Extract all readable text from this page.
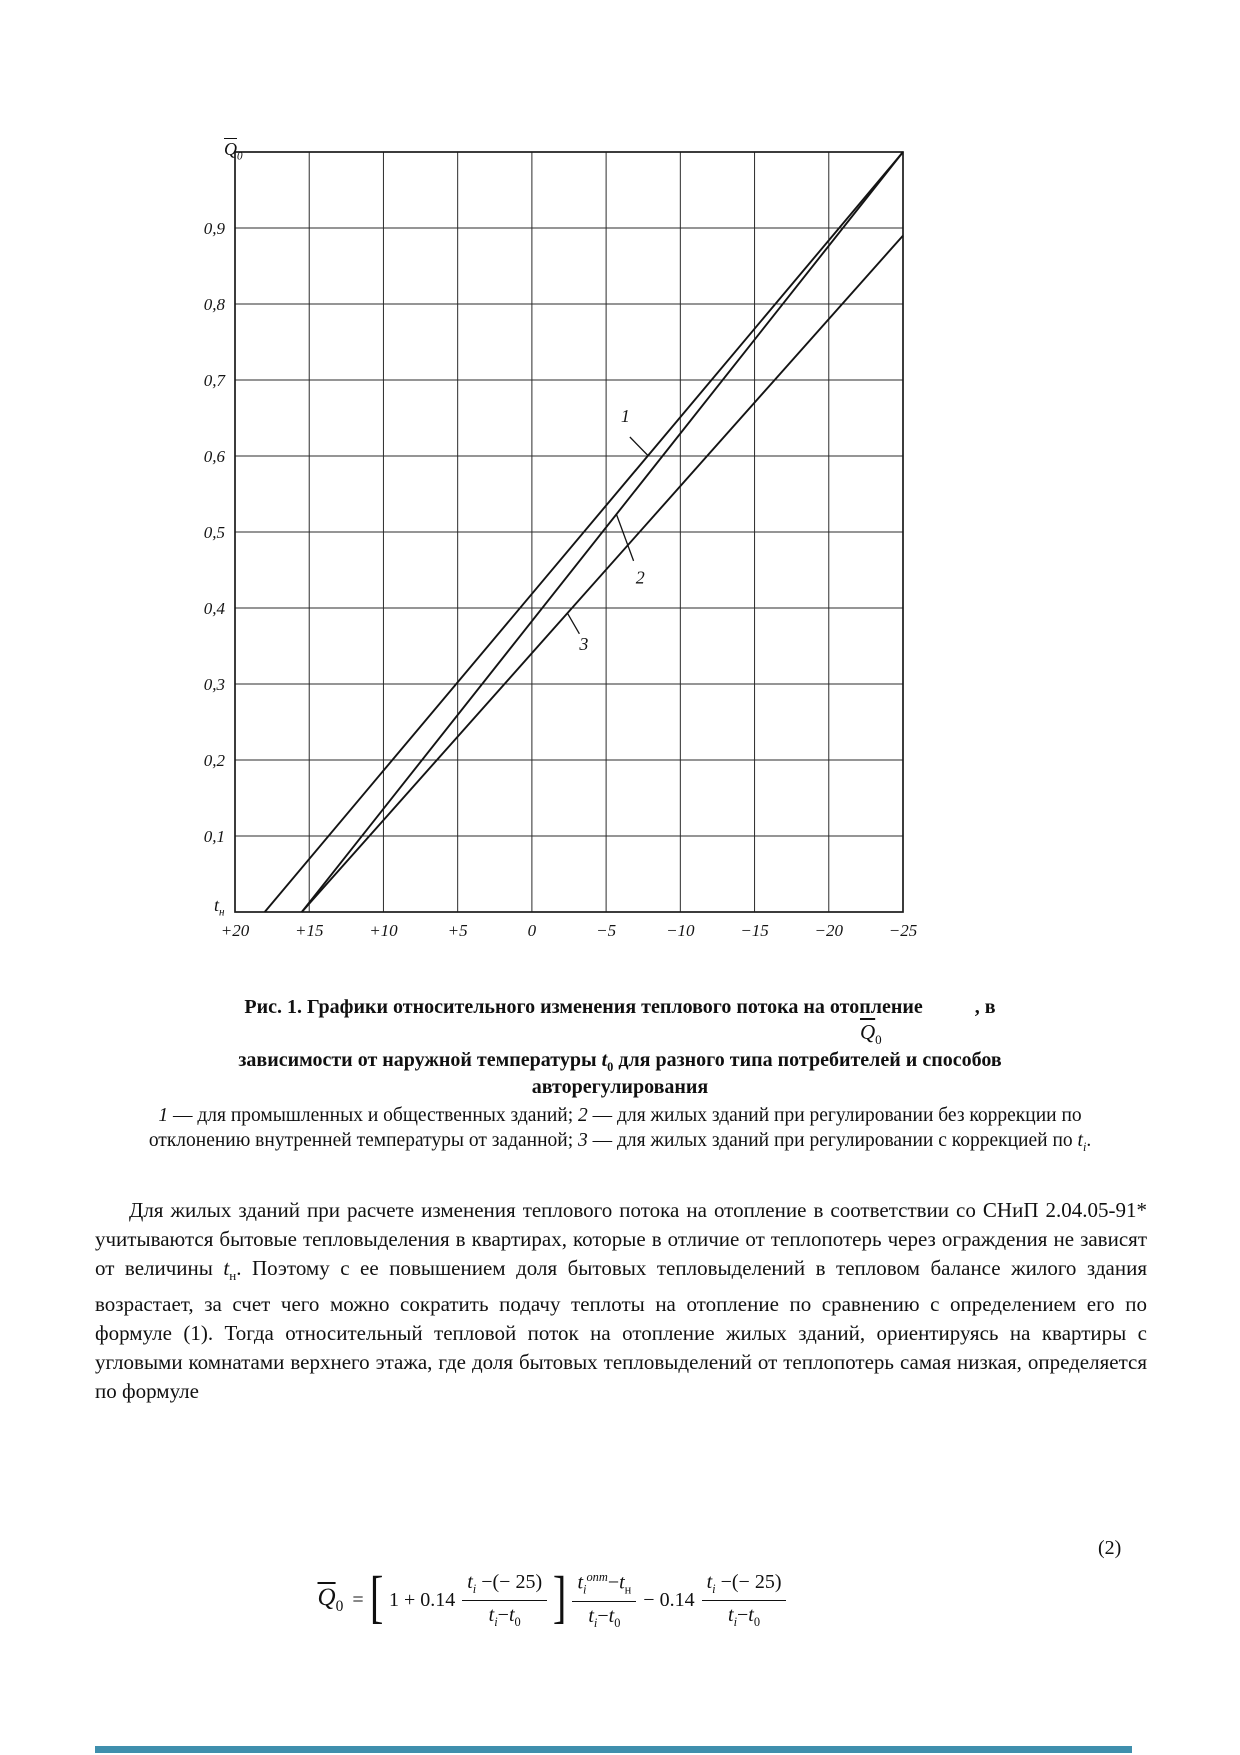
+20	+15	+10	+5	0	−5	−10	−15	−20	−25
0,1
0,2
0,3
0,4
0,5
0,6
0,7
0,8
0,9
1
2
3
$\overline{Q}_0$
$t_н$
Рис. 1. Графики относительного изменения теплового потока на отопление	, в
$\overline{Q}_0$
зависимости от наружной температуры $t_0$ для разного типа потребителей и способов
авторегулирования
1 — для промышленных и общественных зданий; 2 — для жилых зданий при регулировании без коррекции по отклонению внутренней температуры от заданной; 3 — для жилых зданий при регулировании с коррекцией по $t_i$.
Для жилых зданий при расчете изменения теплового потока на отопление в соответствии со СНиП 2.04.05-91* учитываются бытовые тепловыделения в квартирах, которые в отличие от теплопотерь через ограждения не зависят от величины $t_н$. Поэтому с ее повышением доля бытовых тепловыделений в тепловом балансе жилого здания возрастает, за счет чего можно сократить подачу теплоты на отопление по сравнению с определением его по формуле (1). Тогда относительный тепловой поток на отопление жилых зданий, ориентируясь на квартиры с угловыми комнатами верхнего этажа, где доля бытовых тепловыделений от теплопотерь самая низкая, определяется по формуле
(2)
$\overline{Q}_0$ = [ $1 + 0.14 \frac{t_i -(- 25)}{t_i-t_0}$ ] $\frac{t_i^{onm}-t_н}{t_i-t_0} - 0.14 \frac{t_i -(- 25)}{t_i-t_0}$
